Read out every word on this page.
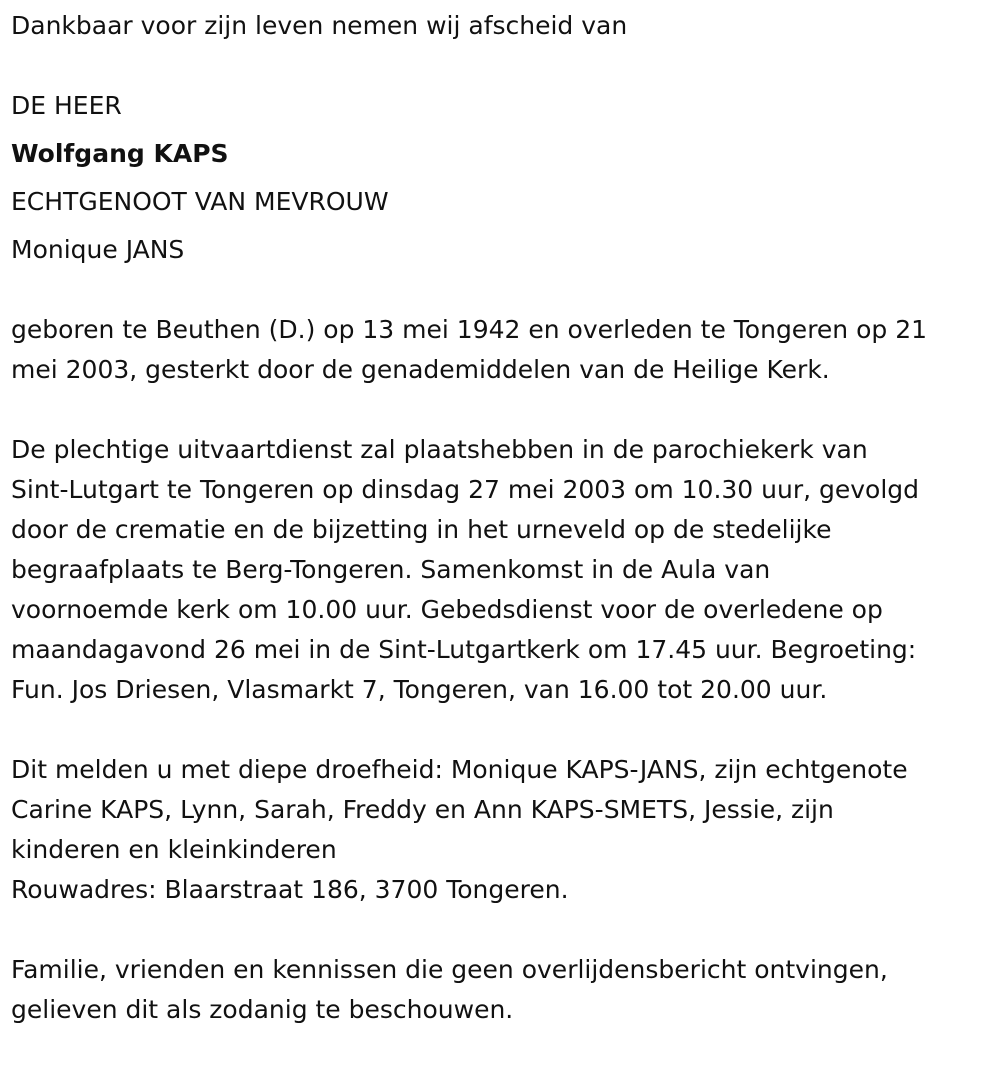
Dankbaar voor zijn leven nemen wij afscheid van

DE HEER

Wolfgang KAPS

ECHTGENOOT VAN MEVROUW

Monique JANS

geboren te Beuthen (D.) op 13 mei 1942 en overleden te Tongeren op 21

mei 2003, gesterkt door de genademiddelen van de Heilige Kerk.

De plechtige uitvaartdienst zal plaatshebben in de parochiekerk van

Sint-Lutgart te Tongeren op dinsdag 27 mei 2003 om 10.30 uur, gevolgd

door de crematie en de bijzetting in het urneveld op de stedelijke

begraafplaats te Berg-Tongeren. Samenkomst in de Aula van

voornoemde kerk om 10.00 uur. Gebedsdienst voor de overledene op

maandagavond 26 mei in de Sint-Lutgartkerk om 17.45 uur. Begroeting:

Fun. Jos Driesen, Vlasmarkt 7, Tongeren, van 16.00 tot 20.00 uur.

Dit melden u met diepe droefheid: Monique KAPS-JANS, zijn echtgenote

Carine KAPS, Lynn, Sarah, Freddy en Ann KAPS-SMETS, Jessie, zijn

kinderen en kleinkinderen

Rouwadres: Blaarstraat 186, 3700 Tongeren.

Familie, vrienden en kennissen die geen overlijdensbericht ontvingen,

gelieven dit als zodanig te beschouwen.
